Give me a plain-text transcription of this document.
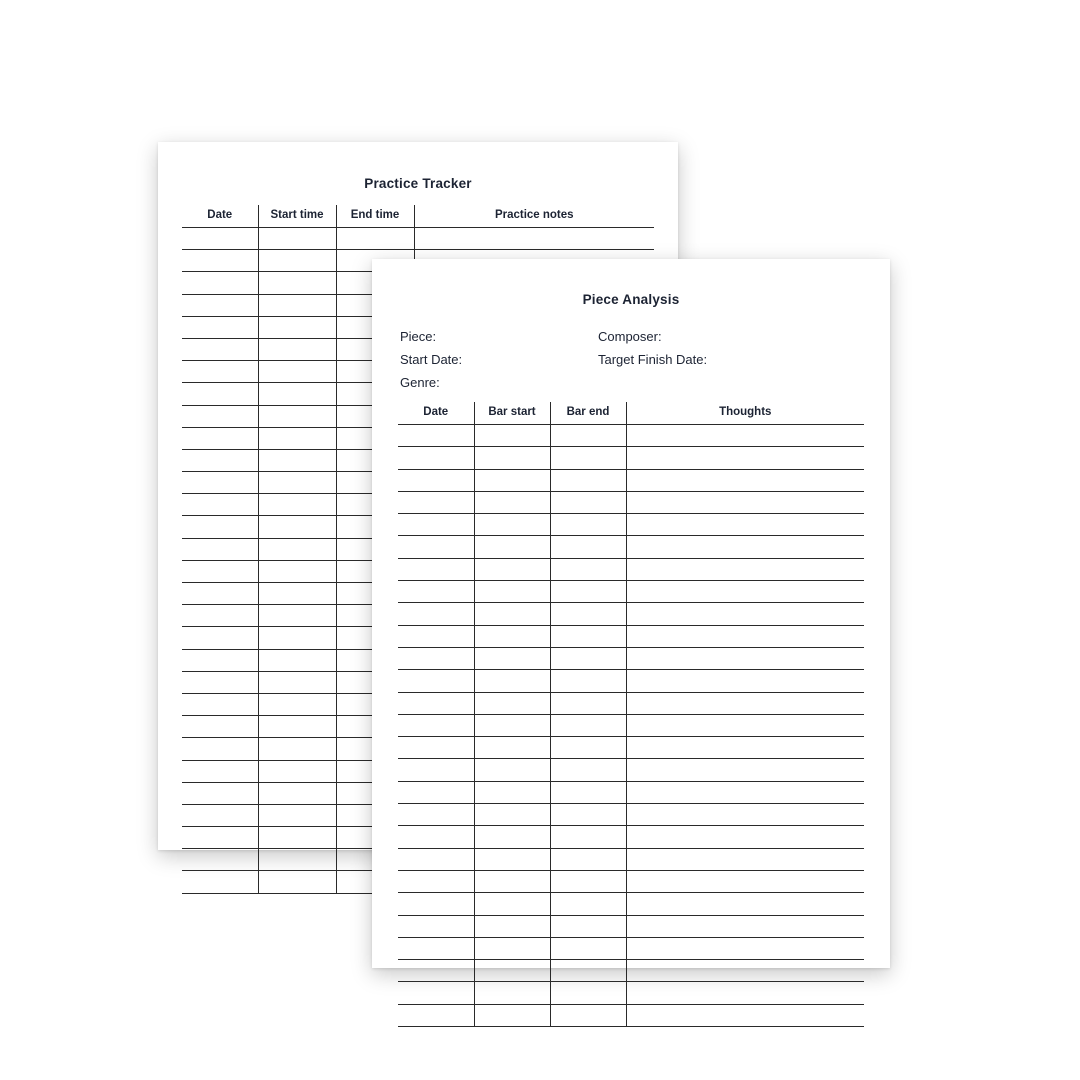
Practice Tracker
Date	Start time	End time	Practice notes

Piece Analysis
Piece:	Composer:
Start Date:	Target Finish Date:
Genre:
Date	Bar start	Bar end	Thoughts
